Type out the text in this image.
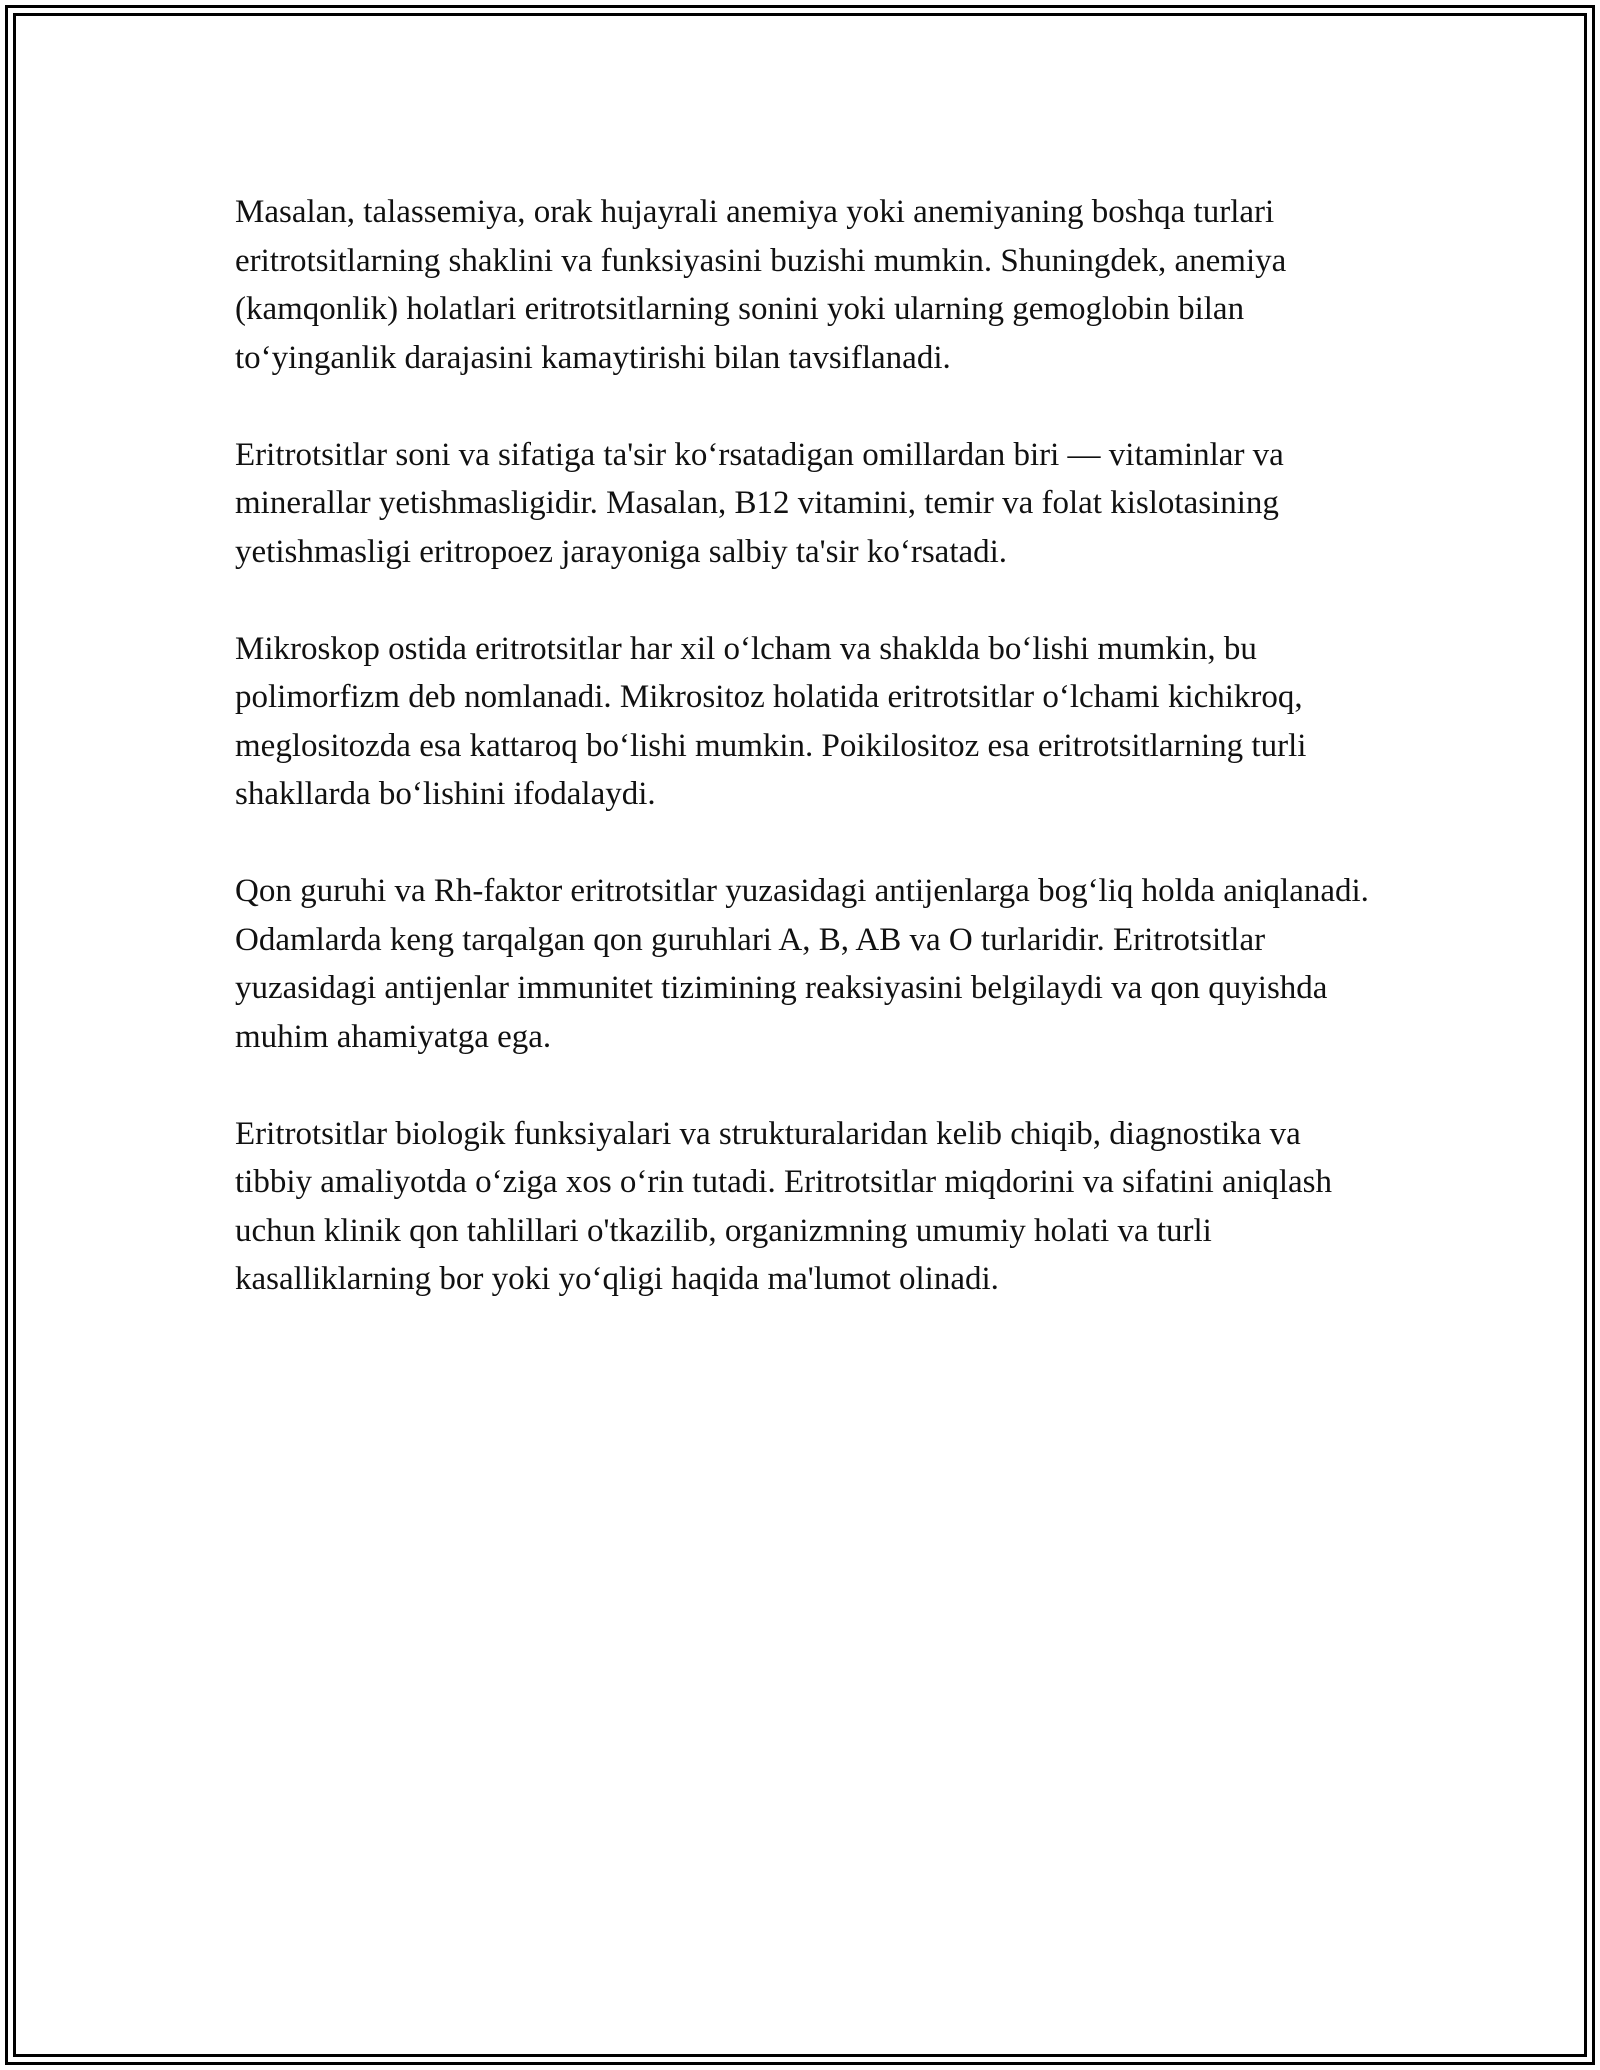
Masalan, talassemiya, orak hujayrali anemiya yoki anemiyaning boshqa turlari eritrotsitlarning shaklini va funksiyasini buzishi mumkin. Shuningdek, anemiya (kamqonlik) holatlari eritrotsitlarning sonini yoki ularning gemoglobin bilan to‘yinganlik darajasini kamaytirishi bilan tavsiflanadi.

Eritrotsitlar soni va sifatiga ta'sir ko‘rsatadigan omillardan biri — vitaminlar va minerallar yetishmasligidir. Masalan, B12 vitamini, temir va folat kislotasining yetishmasligi eritropoez jarayoniga salbiy ta'sir ko‘rsatadi.

Mikroskop ostida eritrotsitlar har xil o‘lcham va shaklda bo‘lishi mumkin, bu polimorfizm deb nomlanadi. Mikrositoz holatida eritrotsitlar o‘lchami kichikroq, meglositozda esa kattaroq bo‘lishi mumkin. Poikilositoz esa eritrotsitlarning turli shakllarda bo‘lishini ifodalaydi.

Qon guruhi va Rh-faktor eritrotsitlar yuzasidagi antijenlarga bog‘liq holda aniqlanadi. Odamlarda keng tarqalgan qon guruhlari A, B, AB va O turlaridir. Eritrotsitlar yuzasidagi antijenlar immunitet tizimining reaksiyasini belgilaydi va qon quyishda muhim ahamiyatga ega.

Eritrotsitlar biologik funksiyalari va strukturalaridan kelib chiqib, diagnostika va tibbiy amaliyotda o‘ziga xos o‘rin tutadi. Eritrotsitlar miqdorini va sifatini aniqlash uchun klinik qon tahlillari o'tkazilib, organizmning umumiy holati va turli kasalliklarning bor yoki yo‘qligi haqida ma'lumot olinadi.
